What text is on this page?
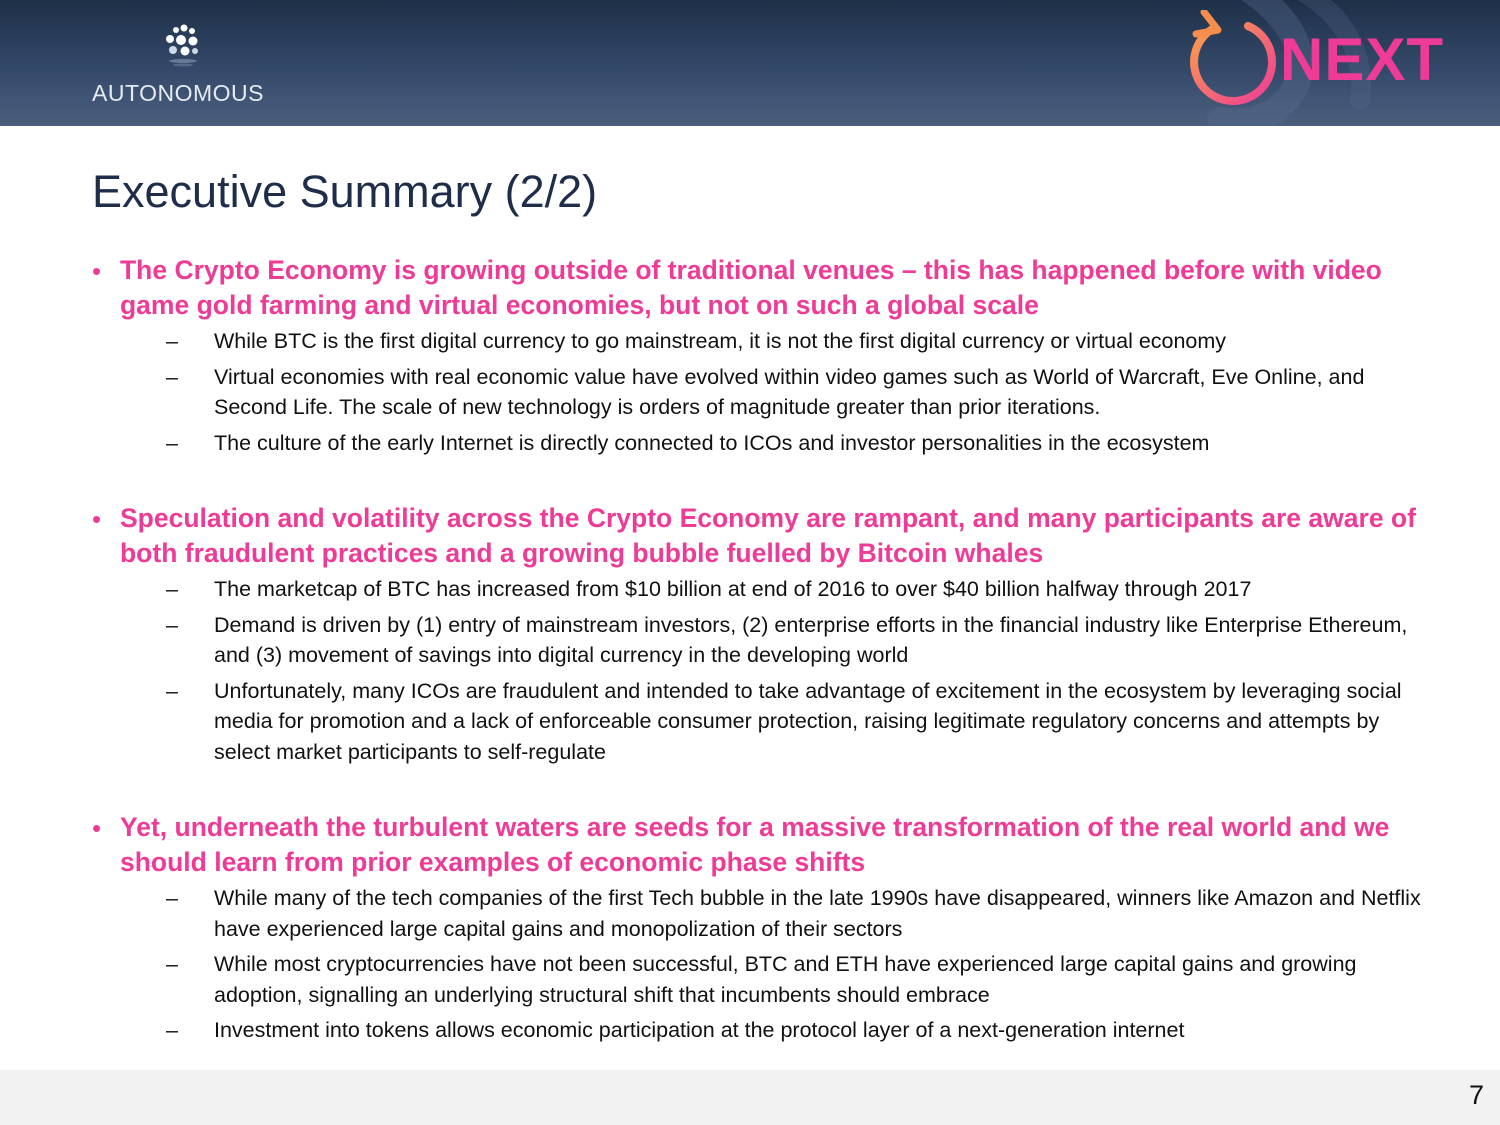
AUTONOMOUS	NEXT
Executive Summary (2/2)
• The Crypto Economy is growing outside of traditional venues – this has happened before with video game gold farming and virtual economies, but not on such a global scale
– While BTC is the first digital currency to go mainstream, it is not the first digital currency or virtual economy
– Virtual economies with real economic value have evolved within video games such as World of Warcraft, Eve Online, and Second Life. The scale of new technology is orders of magnitude greater than prior iterations.
– The culture of the early Internet is directly connected to ICOs and investor personalities in the ecosystem
• Speculation and volatility across the Crypto Economy are rampant, and many participants are aware of both fraudulent practices and a growing bubble fuelled by Bitcoin whales
– The marketcap of BTC has increased from $10 billion at end of 2016 to over $40 billion halfway through 2017
– Demand is driven by (1) entry of mainstream investors, (2) enterprise efforts in the financial industry like Enterprise Ethereum, and (3) movement of savings into digital currency in the developing world
– Unfortunately, many ICOs are fraudulent and intended to take advantage of excitement in the ecosystem by leveraging social media for promotion and a lack of enforceable consumer protection, raising legitimate regulatory concerns and attempts by select market participants to self-regulate
• Yet, underneath the turbulent waters are seeds for a massive transformation of the real world and we should learn from prior examples of economic phase shifts
– While many of the tech companies of the first Tech bubble in the late 1990s have disappeared, winners like Amazon and Netflix have experienced large capital gains and monopolization of their sectors
– While most cryptocurrencies have not been successful, BTC and ETH have experienced large capital gains and growing adoption, signalling an underlying structural shift that incumbents should embrace
– Investment into tokens allows economic participation at the protocol layer of a next-generation internet
7
